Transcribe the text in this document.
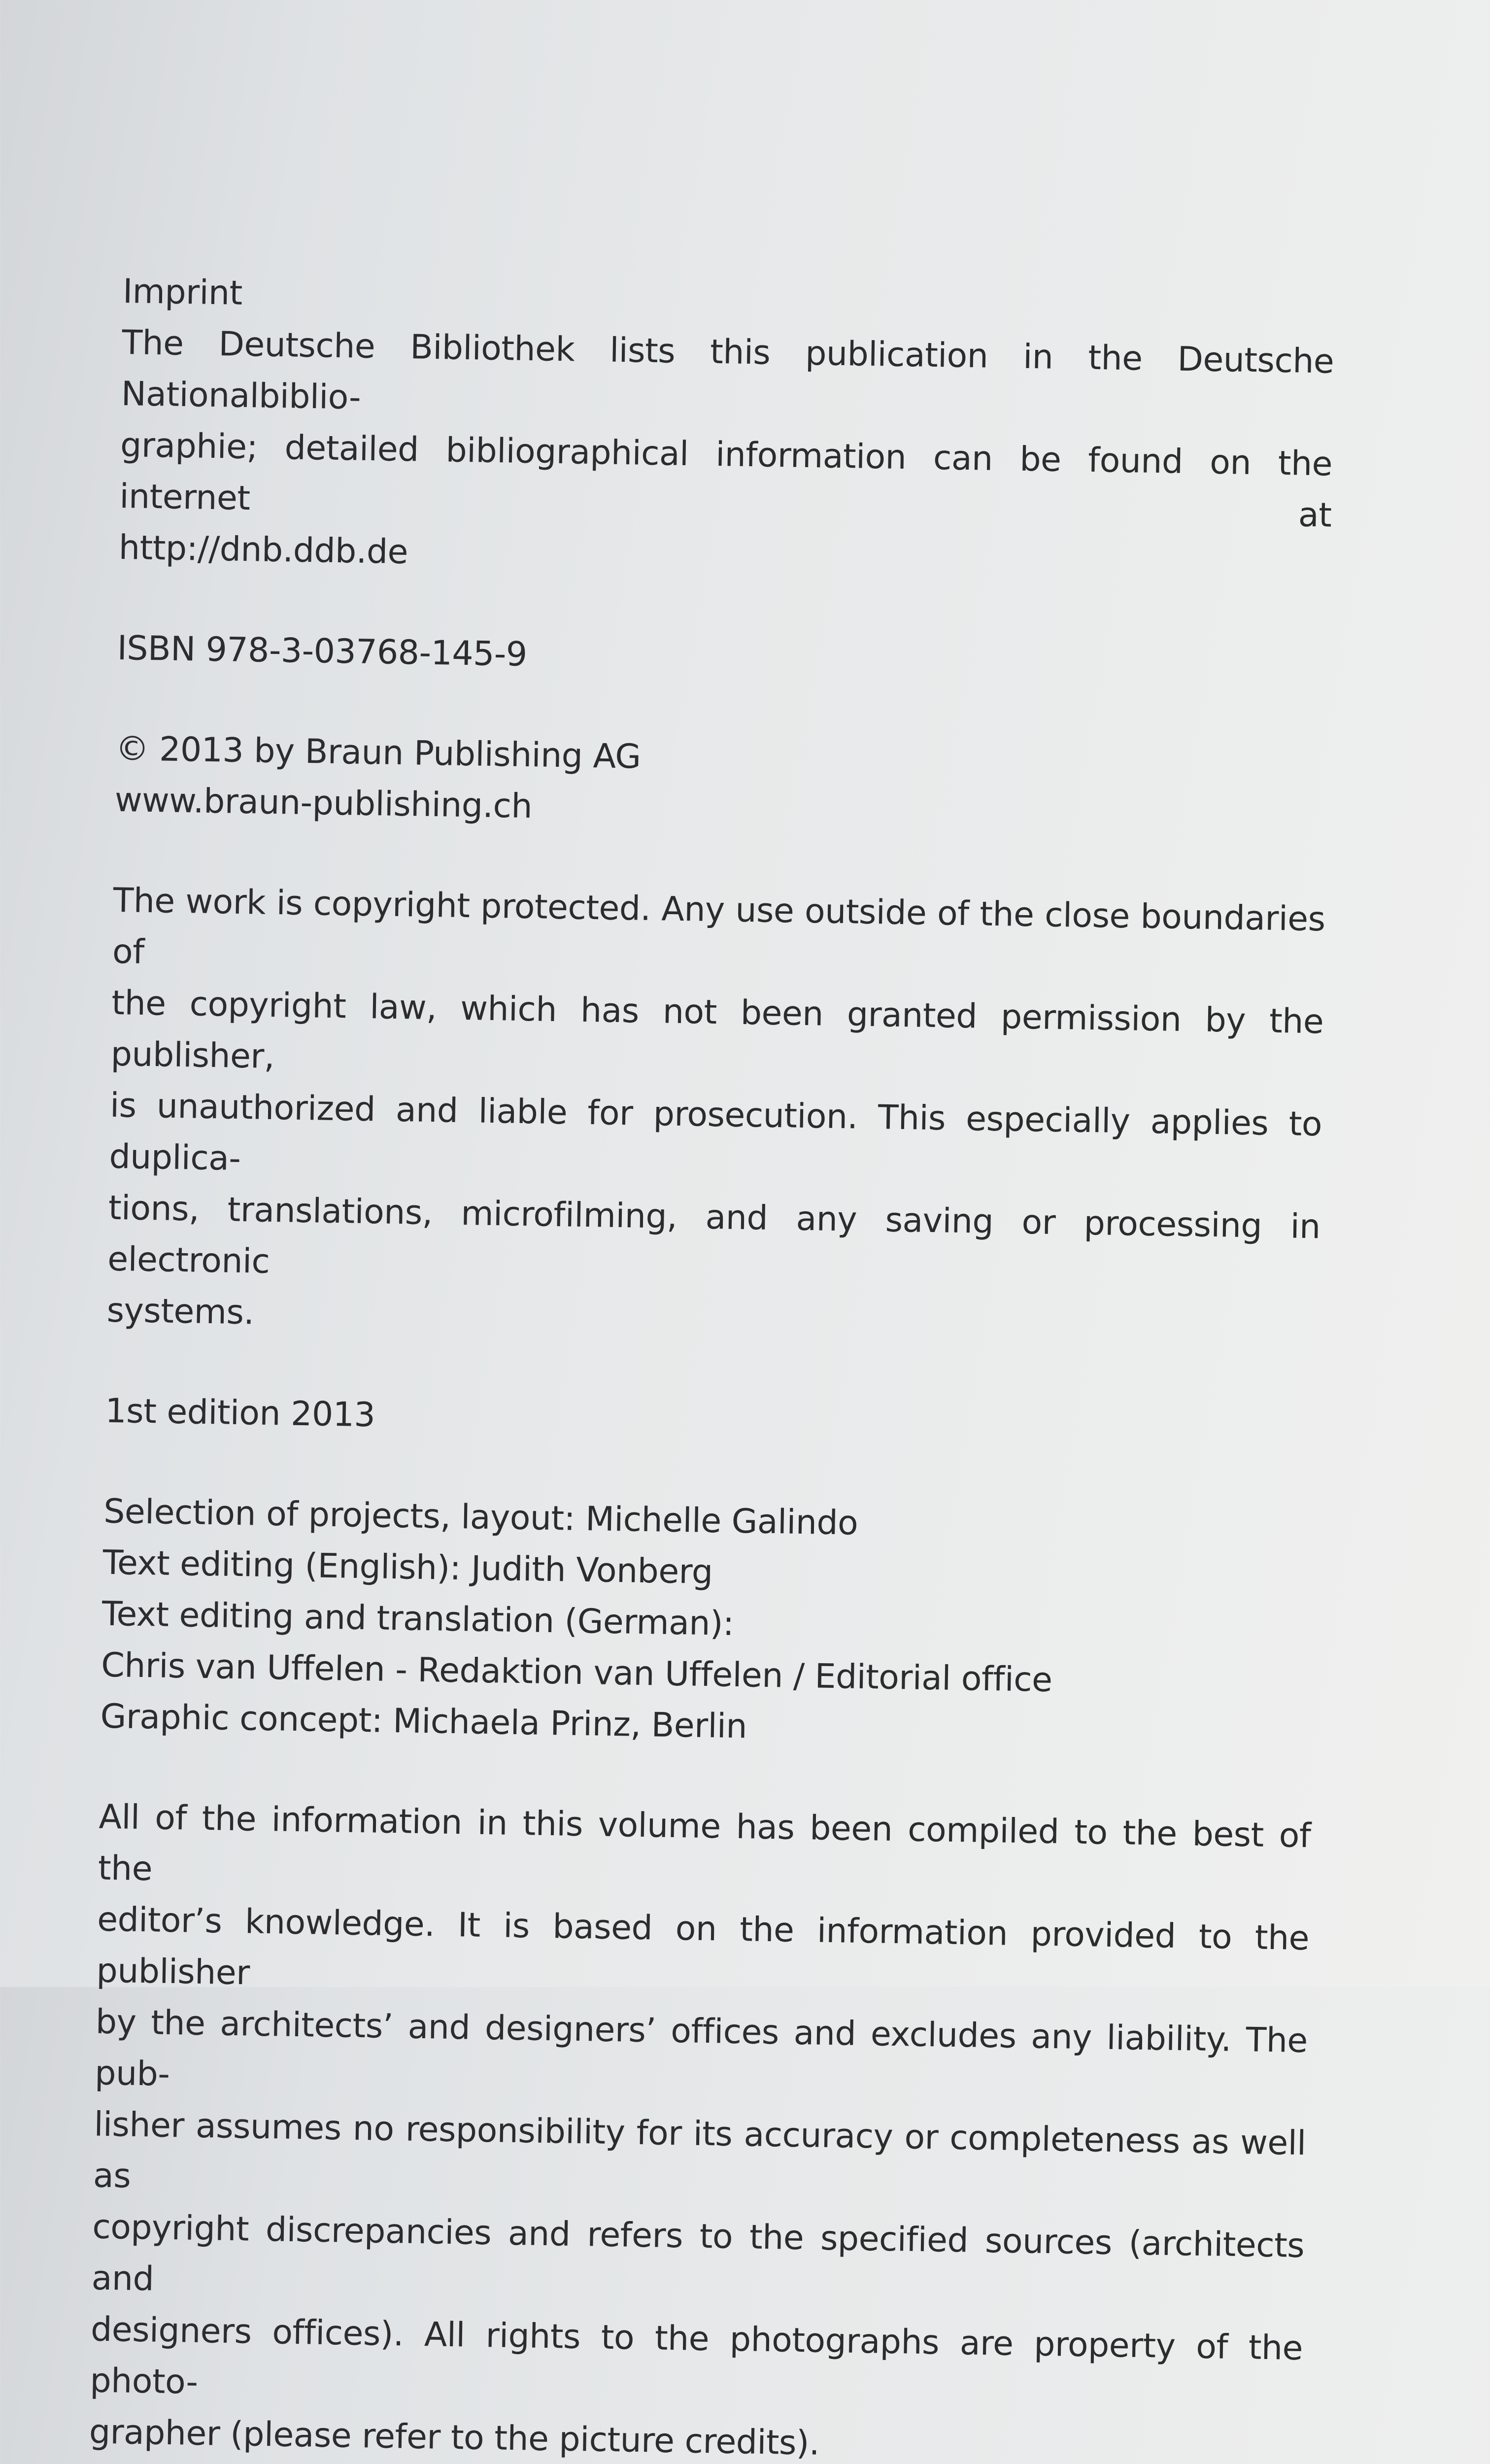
Imprint
The Deutsche Bibliothek lists this publication in the Deutsche Nationalbiblio-
graphie; detailed bibliographical information can be found on the internet at
http://dnb.ddb.de
ISBN 978-3-03768-145-9
© 2013 by Braun Publishing AG
www.braun-publishing.ch
The work is copyright protected. Any use outside of the close boundaries of
the copyright law, which has not been granted permission by the publisher,
is unauthorized and liable for prosecution. This especially applies to duplica-
tions, translations, microfilming, and any saving or processing in electronic
systems.
1st edition 2013
Selection of projects, layout: Michelle Galindo
Text editing (English): Judith Vonberg
Text editing and translation (German):
Chris van Uffelen - Redaktion van Uffelen / Editorial office
Graphic concept: Michaela Prinz, Berlin
All of the information in this volume has been compiled to the best of the
editor’s knowledge. It is based on the information provided to the publisher
by the architects’ and designers’ offices and excludes any liability. The pub-
lisher assumes no responsibility for its accuracy or completeness as well as
copyright discrepancies and refers to the specified sources (architects and
designers offices). All rights to the photographs are property of the photo-
grapher (please refer to the picture credits).
